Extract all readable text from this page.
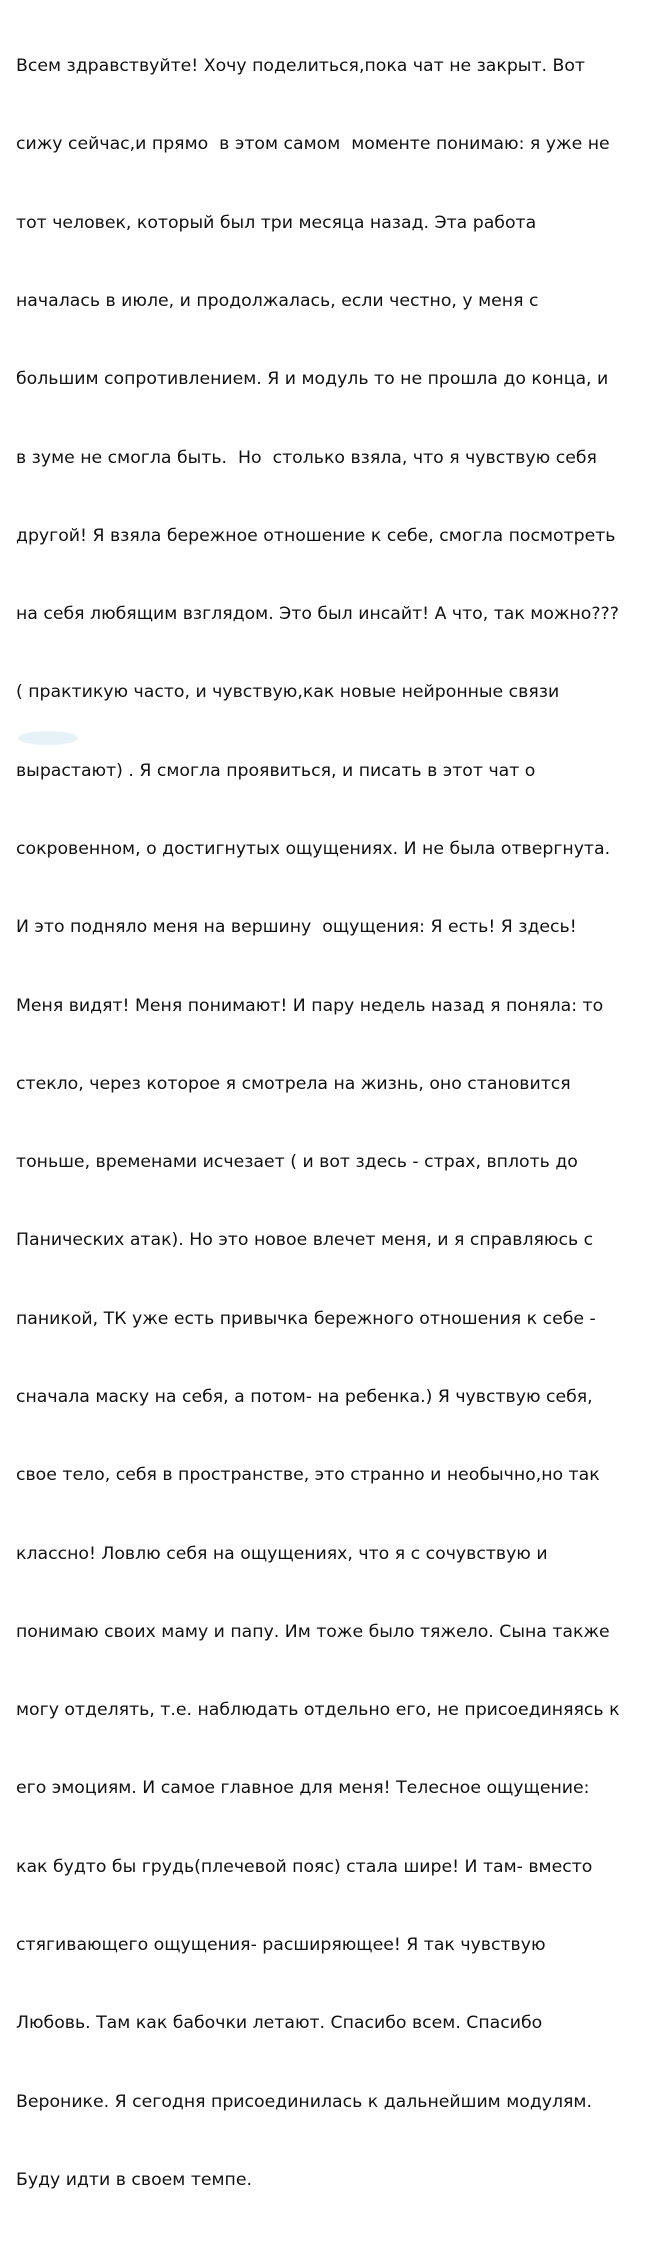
Всем здравствуйте! Хочу поделиться,пока чат не закрыт. Вот

сижу сейчас,и прямо  в этом самом  моменте понимаю: я уже не

тот человек, который был три месяца назад. Эта работа

началась в июле, и продолжалась, если честно, у меня с

большим сопротивлением. Я и модуль то не прошла до конца, и

в зуме не смогла быть.  Но  столько взяла, что я чувствую себя

другой! Я взяла бережное отношение к себе, смогла посмотреть

на себя любящим взглядом. Это был инсайт! А что, так можно???

( практикую часто, и чувствую,как новые нейронные связи

вырастают) . Я смогла проявиться, и писать в этот чат о

сокровенном, о достигнутых ощущениях. И не была отвергнута.

И это подняло меня на вершину  ощущения: Я есть! Я здесь!

Меня видят! Меня понимают! И пару недель назад я поняла: то

стекло, через которое я смотрела на жизнь, оно становится

тоньше, временами исчезает ( и вот здесь - страх, вплоть до

Панических атак). Но это новое влечет меня, и я справляюсь с

паникой, ТК уже есть привычка бережного отношения к себе -

сначала маску на себя, а потом- на ребенка.) Я чувствую себя,

свое тело, себя в пространстве, это странно и необычно,но так

классно! Ловлю себя на ощущениях, что я с сочувствую и

понимаю своих маму и папу. Им тоже было тяжело. Сына также

могу отделять, т.е. наблюдать отдельно его, не присоединяясь к

его эмоциям. И самое главное для меня! Телесное ощущение:

как будто бы грудь(плечевой пояс) стала шире! И там- вместо

стягивающего ощущения- расширяющее! Я так чувствую

Любовь. Там как бабочки летают. Спасибо всем. Спасибо

Веронике. Я сегодня присоединилась к дальнейшим модулям.

Буду идти в своем темпе.
